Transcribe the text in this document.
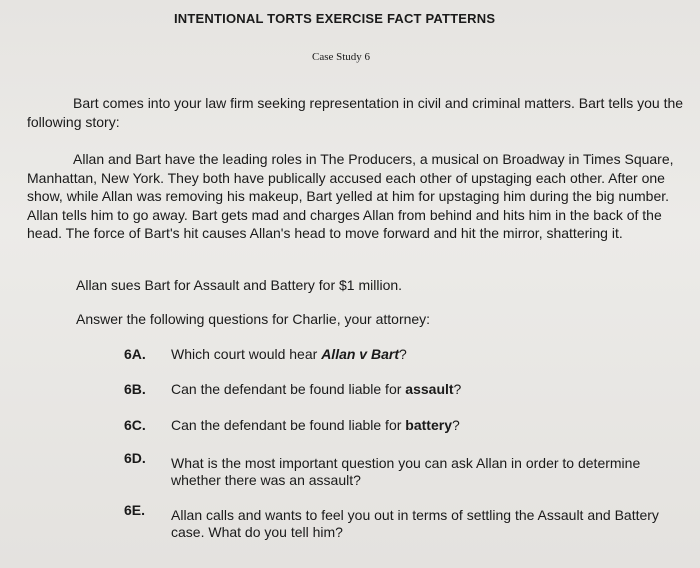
INTENTIONAL TORTS EXERCISE FACT PATTERNS
Case Study 6
Bart comes into your law firm seeking representation in civil and criminal matters. Bart tells you the following story:
Allan and Bart have the leading roles in The Producers, a musical on Broadway in Times Square, Manhattan, New York. They both have publically accused each other of upstaging each other. After one show, while Allan was removing his makeup, Bart yelled at him for upstaging him during the big number. Allan tells him to go away. Bart gets mad and charges Allan from behind and hits him in the back of the head. The force of Bart's hit causes Allan's head to move forward and hit the mirror, shattering it.
Allan sues Bart for Assault and Battery for $1 million.
Answer the following questions for Charlie, your attorney:
6A. Which court would hear Allan v Bart?
6B. Can the defendant be found liable for assault?
6C. Can the defendant be found liable for battery?
6D. What is the most important question you can ask Allan in order to determine whether there was an assault?
6E. Allan calls and wants to feel you out in terms of settling the Assault and Battery case. What do you tell him?
